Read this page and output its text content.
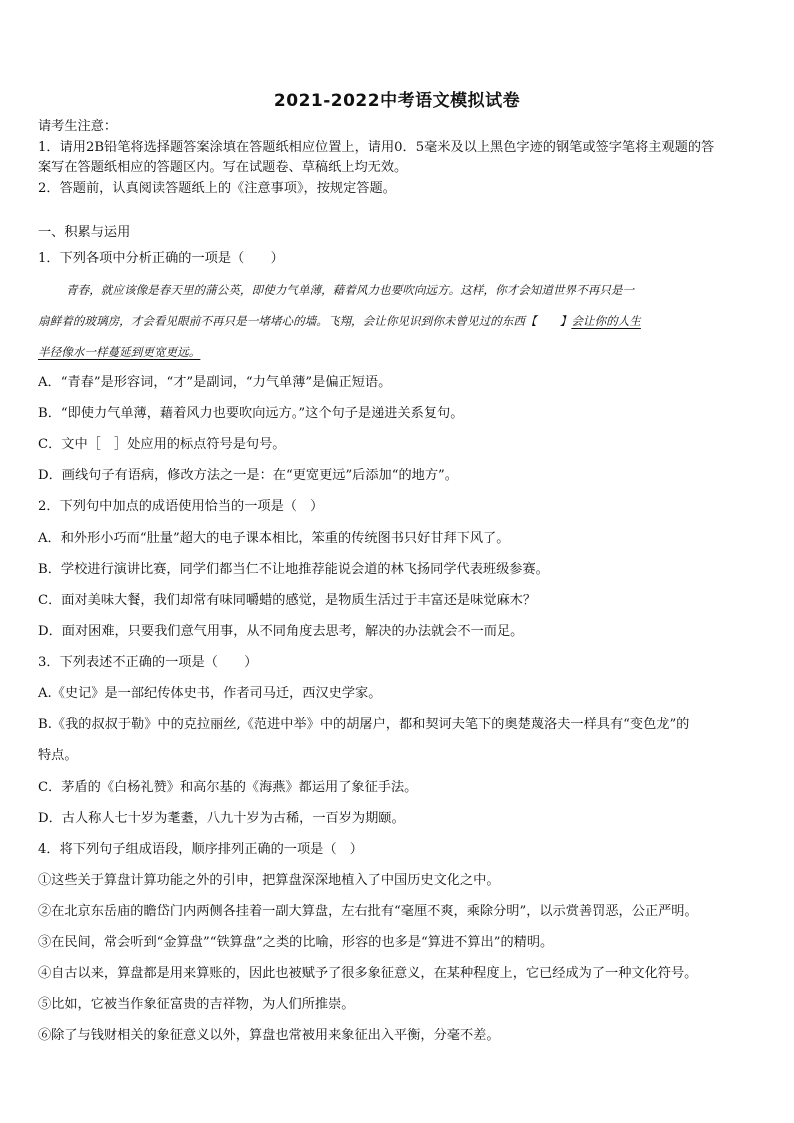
2021-2022中考语文模拟试卷
请考生注意：
1．请用2B铅笔将选择题答案涂填在答题纸相应位置上，请用0．5毫米及以上黑色字迹的钢笔或签字笔将主观题的答
案写在答题纸相应的答题区内。写在试题卷、草稿纸上均无效。
2．答题前，认真阅读答题纸上的《注意事项》，按规定答题。
一、积累与运用
1．下列各项中分析正确的一项是（　　）
青春，就应该像是春天里的蒲公英，即使力气单薄，藉着风力也要吹向远方。这样，你才会知道世界不再只是一
扇鲜着的玻璃房，才会看见眼前不再只是一堵堵心的墙。飞翔，会让你见识到你未曾见过的东西【　　】会让你的人生
半径像水一样蔓延到更宽更远。
A．“青春”是形容词，“才”是副词，“力气单薄”是偏正短语。
B．“即使力气单薄，藉着风力也要吹向远方。”这个句子是递进关系复句。
C．文中［　］处应用的标点符号是句号。
D．画线句子有语病，修改方法之一是：在“更宽更远”后添加“的地方”。
2．下列句中加点的成语使用恰当的一项是（　）
A．和外形小巧而“肚量”超大的电子课本相比，笨重的传统图书只好甘拜下风了。
B．学校进行演讲比赛，同学们都当仁不让地推荐能说会道的林飞扬同学代表班级参赛。
C．面对美味大餐，我们却常有味同嚼蜡的感觉，是物质生活过于丰富还是味觉麻木？
D．面对困难，只要我们意气用事，从不同角度去思考，解决的办法就会不一而足。
3．下列表述不正确的一项是（　　）
A.《史记》是一部纪传体史书，作者司马迁，西汉史学家。
B.《我的叔叔于勒》中的克拉丽丝,《范进中举》中的胡屠户，都和契诃夫笔下的奥楚蔑洛夫一样具有“变色龙”的
特点。
C．茅盾的《白杨礼赞》和高尔基的《海燕》都运用了象征手法。
D．古人称人七十岁为耄耋，八九十岁为古稀，一百岁为期颐。
4．将下列句子组成语段，顺序排列正确的一项是（　）
①这些关于算盘计算功能之外的引申，把算盘深深地植入了中国历史文化之中。
②在北京东岳庙的瞻岱门内两侧各挂着一副大算盘，左右批有“毫厘不爽，乘除分明”，以示赏善罚恶，公正严明。
③在民间，常会听到“金算盘”“铁算盘”之类的比喻，形容的也多是“算进不算出”的精明。
④自古以来，算盘都是用来算账的，因此也被赋予了很多象征意义，在某种程度上，它已经成为了一种文化符号。
⑤比如，它被当作象征富贵的吉祥物，为人们所推崇。
⑥除了与钱财相关的象征意义以外，算盘也常被用来象征出入平衡，分毫不差。
